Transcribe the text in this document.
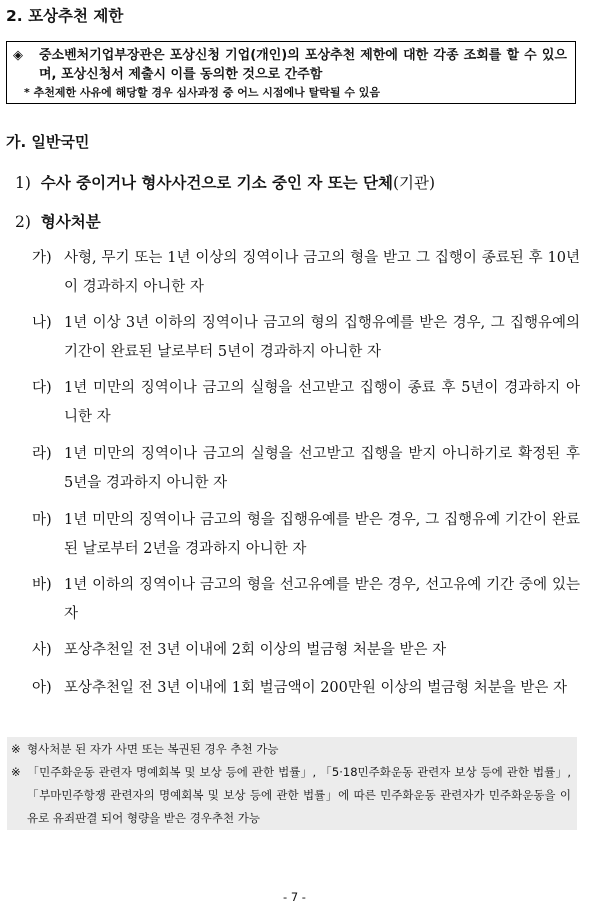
2. 포상추천 제한
◈	중소벤처기업부장관은 포상신청 기업(개인)의 포상추천 제한에 대한 각종 조회를 할 수 있으며, 포상신청서 제출시 이를 동의한 것으로 간주함
* 추천제한 사유에 해당할 경우 심사과정 중 어느 시점에나 탈락될 수 있음
가. 일반국민
1) 수사 중이거나 형사사건으로 기소 중인 자 또는 단체(기관)
2) 형사처분
가) 사형, 무기 또는 1년 이상의 징역이나 금고의 형을 받고 그 집행이 종료된 후 10년이 경과하지 아니한 자
나) 1년 이상 3년 이하의 징역이나 금고의 형의 집행유예를 받은 경우, 그 집행유예의 기간이 완료된 날로부터 5년이 경과하지 아니한 자
다) 1년 미만의 징역이나 금고의 실형을 선고받고 집행이 종료 후 5년이 경과하지 아니한 자
라) 1년 미만의 징역이나 금고의 실형을 선고받고 집행을 받지 아니하기로 확정된 후 5년을 경과하지 아니한 자
마) 1년 미만의 징역이나 금고의 형을 집행유예를 받은 경우, 그 집행유예 기간이 완료된 날로부터 2년을 경과하지 아니한 자
바) 1년 이하의 징역이나 금고의 형을 선고유예를 받은 경우, 선고유예 기간 중에 있는 자
사) 포상추천일 전 3년 이내에 2회 이상의 벌금형 처분을 받은 자
아) 포상추천일 전 3년 이내에 1회 벌금액이 200만원 이상의 벌금형 처분을 받은 자
※ 형사처분 된 자가 사면 또는 복권된 경우 추천 가능
※ 「민주화운동 관련자 명예회복 및 보상 등에 관한 법률」, 「5·18민주화운동 관련자 보상 등에 관한 법률」, 「부마민주항쟁 관련자의 명예회복 및 보상 등에 관한 법률」에 따른 민주화운동 관련자가 민주화운동을 이유로 유죄판결 되어 형량을 받은 경우추천 가능
- 7 -
